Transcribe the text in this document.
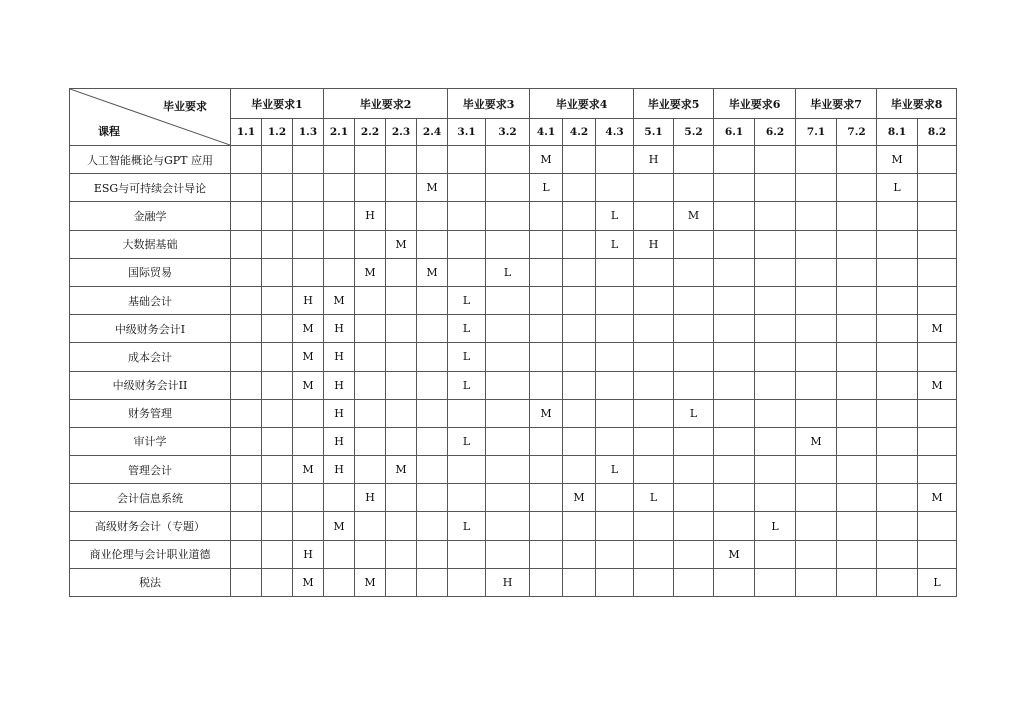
毕业要求
课程	毕业要求1			毕业要求2				毕业要求3		毕业要求4			毕业要求5		毕业要求6		毕业要求7		毕业要求8	
	1.1	1.2	1.3	2.1	2.2	2.3	2.4	3.1	3.2	4.1	4.2	4.3	5.1	5.2	6.1	6.2	7.1	7.2	8.1	8.2
人工智能概论与GPT 应用										M			H						M	
ESG与可持续会计导论							M			L									L	
金融学					H							L		M						
大数据基础						M						L	H							
国际贸易					M		M		L											
基础会计			H	M				L												
中级财务会计I			M	H				L												M
成本会计			M	H				L												
中级财务会计II			M	H				L												M
财务管理				H						M				L						
审计学				H				L									M			
管理会计			M	H		M						L								
会计信息系统					H						M		L							M
高级财务会计（专题）				M				L								L				
商业伦理与会计职业道德			H												M					
税法			M		M				H											L
